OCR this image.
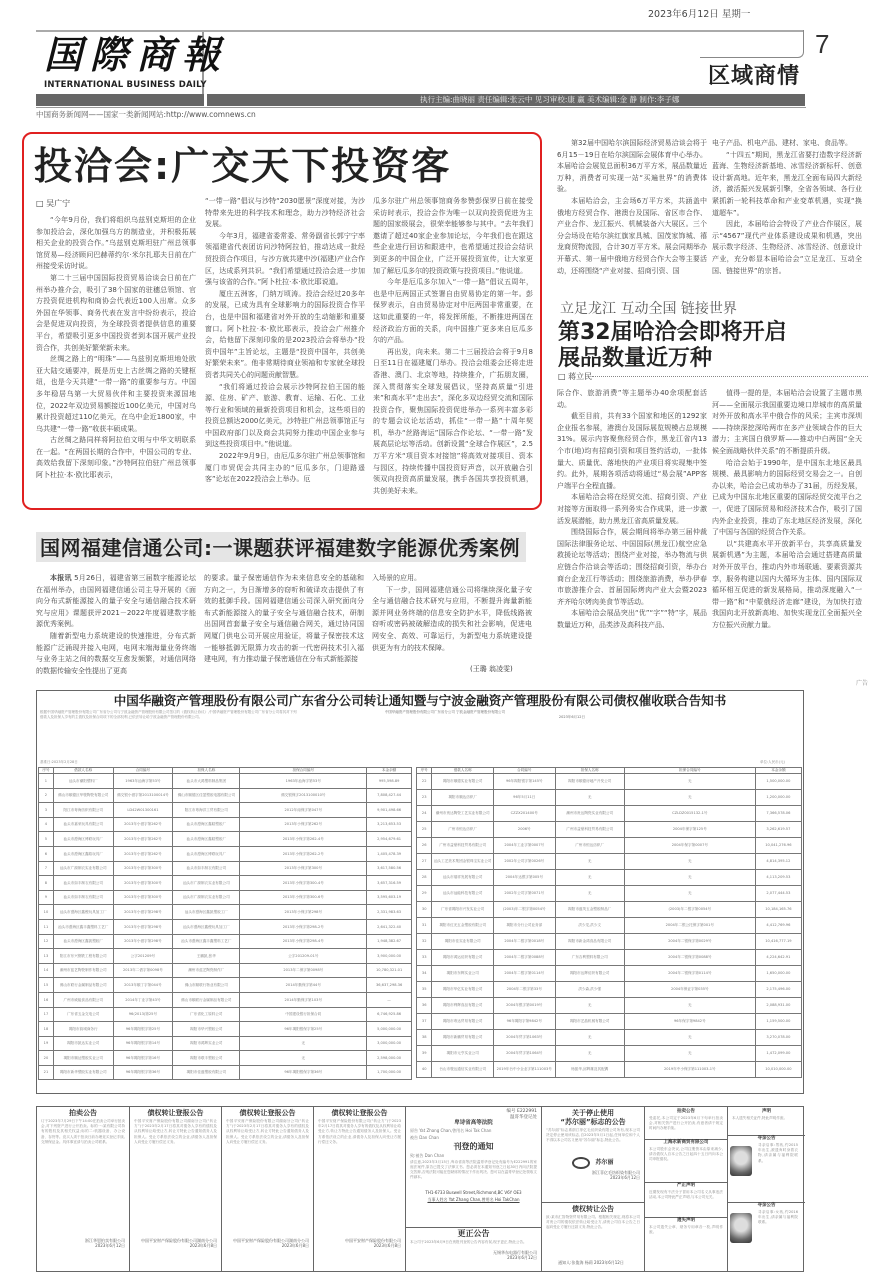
国際商報
INTERNATIONAL BUSINESS DAILY
2023年6月12日 星期一
7
区域商情
执行主编:曲晓丽 责任编辑:张云中 见习审校:康 赢 美术编辑:金 静 制作:李子娜
中国商务新闻网——国家一类新闻网站:http://www.comnews.cn
投洽会:广交天下投资客
□ 吴广宁

“今年9月份，我们将组织乌兹别克斯坦的企业参加投洽会，深化加强乌方的制造业，并积极拓展相关企业的投资合作。”乌兹别克斯坦驻广州总领事馆贸易—经济顾问巴赫蒂约尔·米尔扎耶夫日前在广州接受采访时说。

第二十三届中国国际投资贸易洽谈会日前在广州举办推介会，吸引了38个国家的驻穗总领馆、官方投资促进机构和商协会代表近100人出席。众多外国在华领事、商务代表在发言中纷纷表示，投洽会是促进双向投资，为全球投资者提供信息的重要平台，希望吸引更多中国投资者到本国开展产业投资合作，共创美好繁荣新未来。

丝绸之路上的“明珠”——乌兹别克斯坦地处欧亚大陆交通要冲，既是历史上古丝绸之路的关键枢纽，也是今天共建“一带一路”的重要参与方。中国多年稳居乌第一大贸易伙伴和主要投资来源国地位，2022年双边贸易额接近100亿美元，中国对乌累计投资超过110亿美元，在乌中企近1800家，中乌共建“一带一路”收获丰硕成果。

古丝绸之路同样将阿拉伯文明与中华文明联系在一起。“在两国长期的合作中，中国公司的专业、高效给我留下深刻印象。”沙特阿拉伯驻广州总领事阿卜杜拉·本·欧比耶表示，

“一带一路”倡议与沙特“2030愿景”深度对接，为沙特带来先进的科学技术和理念，助力沙特经济社会发展。

今年3月，福建省委常委、常务副省长郭宁宁率领福建省代表团访问沙特阿拉伯，推动达成一批经贸投资合作项目，与沙方就共建中沙(福建)产业合作区，达成系列共识。“我们希望通过投洽会进一步加强与该省的合作。”阿卜杜拉·本·欧比耶说道。

厦庄五洲客，门纳万顷涛。投洽会经过20多年的发展，已成为具有全球影响力的国际投资合作平台，也是中国和福建省对外开放的生动缩影和重要窗口。阿卜杜拉·本·欧比耶表示，投洽会广州推介会，给他留下深刻印象的是2023投洽会将举办“投资中国年”主旨论坛，主题是“投资中国年，共创美好繁荣未来”。他非常期待商业领袖和专家就全球投资者共同关心的问题贡献智慧。

“我们将通过投洽会展示沙特阿拉伯王国的能源、住房、矿产、旅游、教育、运输、石化、工业等行业和领域的最新投资项目和机会，这些项目的投资总额达2000亿美元，沙特驻广州总领事馆正与中国政府部门以及商会共同努力推动中国企业参与到这些投资项目中。”他说道。

2022年9月9日，由厄瓜多尔驻广州总领事馆和厦门市贸促会共同主办的“厄瓜多尔，门迎路遥客”论坛在2022投洽会上举办。厄

瓜多尔驻广州总领事馆商务参赞彭保罗日前在接受采访时表示，投洽会作为唯一以双向投资促进为主题的国家级展会，很荣幸能够参与其中。“去年我们邀请了超过40家企业参加论坛，今年我们也在跟这些企业进行回访和跟进中，也希望通过投洽会结识到更多的中国企业，广泛开展投资宣传，让大家更加了解厄瓜多尔的投资政策与投资项目。”他说道。

今年是厄瓜多尔加入“一带一路”倡议五周年，也是中厄两国正式签署自由贸易协定的第一年。彭保罗表示，自由贸易协定对中厄两国非常重要，在这如此重要的一年，将发挥所能，不断推进两国在经济政治方面的关系，向中国推广更多来自厄瓜多尔的产品。

再出发，向未来。第二十三届投洽会将于9月8日至11日在福建厦门举办。投洽会组委会还将走进香港、澳门、北京等地，持续推介，广拓朋友圈，深入贯彻落实全球发展倡议，坚持高质量“引进来”和高水平“走出去”，深化多双边经贸交流和国际投资合作，聚焦国际投资促进举办一系列丰富多彩的专题会议论坛活动，抓住“一带一路”十周年契机，举办“丝路海运”国际合作论坛、“一带一路”发展高层论坛等活动。创新设置“全球合作展区”，2.5万平方米“项目资本对接馆”将高效对接项目、资本与园区，持续传播中国投资好声音，以开放融合引领双向投资高质量发展，携手各国共享投资机遇，共创美好未来。

第32届中国哈尔滨国际经济贸易洽谈会将于6月15－19日在哈尔滨国际会展体育中心举办。本届哈洽会展览总面积36万平方米，展品数量近万种，消费者可实现一站“买遍世界”的消费体验。

本届哈洽会，主会场6万平方米，共涵盖中俄地方经贸合作、港澳台及国际、省区市合作、产业合作、龙江振兴、机械装备六大展区。三个分会场设在哈尔滨红旗家具城、国茂家饰城、禧龙商贸物流园，合计30万平方米。展会同期举办开幕式、第一届中俄地方经贸合作大会等主要活动，还将围绕“产业对接、招商引资、国

电子产品、机电产品、建材、家电、食品等。

“十四五”期间，黑龙江省要打造数字经济新蓝海、生物经济新基地、冰雪经济新标杆、创意设计新高地。近年来，黑龙江全面布局四大新经济，激活振兴发展新引擎，全省各领域、各行业紧抓新一轮科技革命和产业变革机遇，实现“换道超车”。

因此，本届哈洽会特设了产业合作展区，展示“4567”现代产业体系建设成果和机遇，突出展示数字经济、生物经济、冰雪经济、创意设计产业，充分彰显本届哈洽会“立足龙江、互动全国、链接世界”的宗旨。

立足龙江 互动全国 链接世界
第32届哈洽会即将开启
展品数量近万种
□ 蒋立民

际合作、旅游消费”等主题举办40余项配套活动。

截至目前，共有33个国家和地区的1292家企业报名参展，港澳台及国际展览规模占总规模31%。展示内容聚焦经贸合作，黑龙江省内13个市(地)均有招商引资和项目签约活动，一批体量大、质量优、落地快的产业项目将实现集中签约。此外，展期各项活动将通过“易会展”APP客户端平台全程直播。

本届哈洽会将在经贸交流、招商引资、产业对接等方面取得一系列务实合作成果，进一步激活发展潜能，助力黑龙江省高质量发展。

围绕国际合作，展会期间将举办第三届仲裁国际法律服务论坛、中国国际(黑龙江)航空应急救援论坛等活动；围绕产业对接，举办物流与供应链合作洽谈会等活动；围绕招商引资，举办台商台企龙江行等活动；围绕旅游消费，举办伊春市旅游推介会、首届国际烤肉产业大会暨2023齐齐哈尔烤肉美食节等活动。

本届哈洽会展品突出“优”“字”“特”字，展品数量近万种，品类涉及高科技产品、

值得一提的是，本届哈洽会设置了主题市黑河——全面展示我国重要边境口岸城市的高质量对外开放和高水平中俄合作的风采；主宾市深圳——持续深挖深哈两市在多产业领域合作的巨大潜力；主宾国白俄罗斯——推动中白两国“全天候全面战略伙伴关系”的不断提质升级。

哈洽会始于1990年，是中国东北地区最具规模、最具影响力的国际经贸交易会之一。自创办以来，哈洽会已成功举办了31届，历经发展，已成为中国东北地区重要的国际经贸交流平台之一，促进了国际贸易和经济技术合作，吸引了国内外企业投资，推动了东北地区经济发展，深化了中国与各国的经贸合作关系。

以“共建高水平开放新平台，共享高质量发展新机遇”为主题，本届哈洽会通过搭建高质量对外开放平台，推动内外市场联通、要素资源共享，服务构建以国内大循环为主体、国内国际双循环相互促进的新发展格局，推动深度融入“一带一路”和“中蒙俄经济走廊”建设，为加快打造我国向北开放新高地、加快实现龙江全面振兴全方位振兴贡献力量。

国网福建信通公司:一课题获评福建数字能源优秀案例

本报讯 5月26日，福建省第三届数字能源论坛在福州举办，由国网福建信通公司主导开展的《面向分布式新能源接入的量子安全与通信融合技术研究与应用》课题获评2021－2022年度福建数字能源优秀案例。

随着新型电力系统建设的快速推进，分布式新能源广泛涌现并接入电网，电网末端海量业务终端与业务主站之间的数据交互愈发频繁，对通信网络的数据传输安全性提出了更高

的要求。量子保密通信作为未来信息安全的基础和方向之一，为日渐增多的窃听和破译攻击提供了有效的抵御手段。国网福建信通公司深入研究面向分布式新能源接入的量子安全与通信融合技术，研制出国网首套量子安全与通信融合网关，通过协同国网厦门供电公司开展应用验证，将量子保密技术这一能够抵御无限算力攻击的新一代密码技术引入福建电网，有力推动量子保密通信在分布式新能源接

入场景的应用。

下一步，国网福建信通公司将继续深化量子安全与通信融合技术研究与应用，不断提升海量新能源并网业务终端的信息安全防护水平，降低线路被窃听或密码被破解造成的损失和社会影响，促进电网安全、高效、可靠运行，为新型电力系统建设提供更为有力的技术保障。

(王璐 翁凌雯)
广告
中国华融资产管理股份有限公司广东省分公司转让通知暨与宁波金融资产管理股份有限公司债权催收联合告知书
根据中国华融资产管理股份有限公司广东省分公司与宁波金融资产管理股份有限公司签订的《债权转让协议》,中国华融资产管理股份有限公司广东省分公司将其对下列借款人及担保人享有的主债权及担保合同项下的全部权利,已依法转让给宁波金融资产管理股份有限公司。
中国华融资产管理股份有限公司广东省分公司 宁波金融资产管理股份有限公司
2023年6月12日
基准日:2023年2月28日	单位:人民币(元)
序号	借款人名称	合同编号	担保人名称	担保合同编号	本金余额
1	汕头市潮阳塑料厂	1963年汕海字第53号	汕头市大鸿塑料制品集团	1963年汕海字第53号	995,598.89
2	佛山市顺德区华骏陶瓷有限公司	佛交银小借字第2013100014号	佛山市顺德区佳盈塑胶电器有限公司	佛交银保字2013100010号	7,808,427.44
3	阳江市粤海纺织有限公司	LD42W01300161	阳江市粤海洋工贸有限公司	2012年南保字第047号	9,901,498.66
4	汕头市嘉荣玩具有限公司	2013年小借字第262号	汕头市澄海区鑫皓塑胶厂	2013年小保字第262号	3,213,653.53
5	汕头市澄海区博联玩具厂	2013年小借字第262号	汕头市澄海区鑫皓塑胶厂	2013年小保字第262-4号	2,954,679.61
6	汕头市澄海区鑫皓玩具厂	2013年小借字第262号	汕头市澄海区博联玩具厂	2013年小保字第262-2号	1,405,478.39
7	汕头市广源制衣实业有限公司	2013年小借字第300号	汕头市如丰制衣有限公司	2013年小保字第300号	3,617,580.56
8	汕头市如丰制衣有限公司	2013年小借字第300号	汕头市广源制衣实业有限公司	2013年小保字第300-4号	3,657,316.59
9	汕头市如丰制衣有限公司	2013年小借字第300号	汕头市广源制衣实业有限公司	2013年小保字第300-6号	3,595,603.19
10	汕头市澄海区鑫俊玩具加工厂	2013年小借字第298号	汕头市澄海区鑫凯塑胶工厂	2013年小保字第298号	2,331,983.63
11	汕头市澄海区鑫丰鑫塑料工艺厂	2013年小借字第298号	汕头市澄海区鑫俊玩具加工厂	2013年小保字第298-2号	2,641,322.40
12	汕头市澄海区鑫凯塑胶厂	2013年小借字第298号	汕头市澄海区鑫丰鑫塑料工艺厂	2013年小保字第298-4号	1,948,382.67
13	阳江市东兴钢铁工程有限公司	公字201209号	王鹏凯,张华	公字201209-01号	3,900,000.00
14	潮州市蓝艺陶瓷制作有限公司	2013年二借字第0098号	潮州市蓝艺陶瓷制作厂	2013年二保字第0098号	10,780,321.01
15	佛山市联行金属制品有限公司	2013年顺丁字第044号	佛山市顺联行物业有限公司	2014年勤保字第44号	36,637,298.36
16	广州市威能食品有限公司	2014年丁业字第43号	佛山市顺联行金属制品有限公司	2014年勤保字第103号	—
17	广东省五金交电公司	96(2013)第25号	广东省化工原料公司	中国建设银行担保合同	6,746,925.86
18	揭阳市韵城商务行	96年揭阳银字第25号	揭阳市华兴塑胶公司	96年揭阳银保字第25号	5,000,000.00
19	揭阳市凯达实业公司	96年揭阳银字第14号	揭阳市鸿辉实业公司	无	3,000,000.00
20	揭阳市顺达塑胶实业公司	96年揭阳银字第16号	揭阳市联丰塑胶公司	无	2,598,000.00
21	揭阳市新华塑胶实业有限公司	96年揭阳银字第36号	揭阳市佳盛塑胶有限公司	96年揭阳银保字第36号	1,700,000.00
序号	借款人名称	合同编号	担保人名称	担保合同编号	本金余额
22	揭阳市顺德实业有限公司	96年揭阳银字第145号	揭阳市顺德房地产开发公司	无	1,500,000.00
23	揭阳市顺达纺织厂	96年5月11日	无	无	1,200,000.00
24	潮州市贵达陶瓷工艺实业有限公司	CZZX201400号	潮州市贵达陶瓷实业有限公司	CZLDZ0015132-1号	7,366,578.06
25	广州市恒达纺织厂	2006号	广州市益豪科技贸易有限公司	2004年保字第125号	3,262,619.57
26	广州市益豪科技贸易有限公司	2004年工业字第0007号	广州市恒达纺织厂	2004年保字第0007号	10,041,276.96
27	汕头工艺美术集团金银珠宝实业公司	2002年公司字第0026号	无	无	4,814,395.12
28	汕头市瑞祥发展有限公司	2004年达银字第005号	无	无	4,113,209.53
29	汕头市汕能科技有限公司	2002年公司字第0071号	无	无	2,077,444.53
30	广东省揭阳市兴发实业公司	(2003)年二银字第0054号	揭阳市盛茂五金塑胶制品厂	(2003)年二银字第0054号	10,184,165.76
31	揭阳市红光五金塑胶有限公司	揭阳市分行公司业务部	洪少龙,洪少文	2004年二银公托保字第001号	4,412,769.96
32	揭阳市佳实业有限公司	2004年二银字第0018号	揭阳市新金鸿食品有限公司	2004年二银保字第0029号	10,416,777.19
33	揭阳市鸿运纺织有限公司	2004年二银字第0088号	广东吉利塑料有限公司	2004年二银保字第0088号	4,224,642.91
34	揭阳市东辉实业公司	2004年二银字第0114号	揭阳市达辉纺织有限公司	2004年二银保字第0114号	1,650,000.00
35	揭阳市华亿实业有限公司	2004年二银字第33号	洪少森,洪少强	2004年保证字第035号	2,175,496.00
36	揭阳市利辉食品有限公司	2004年银字第0019号	无	无	2,088,931.00
37	揭阳市粤达贸易有限公司	96年揭阳字第9842号	揭阳市艺晶机械有限公司	96年保字第9842号	1,159,500.00
38	揭阳市新鹏贸易有限公司	2004年贸字第1063号	无	无	3,270,078.00
39	揭阳市元亨实业公司	2004年贸字第1064号	无	无	1,472,099.00
40	台山市骏达通信实业有限公司	2019年台中小企业字第111003号	杨振华,邱辉雄及其配偶	2019年中小保字第111003-1号	10,010,000.00
拍卖公告
订于2023年7月29日下午14:00在拍卖公司举行拍卖会,对下列资产进行公开拍卖。标的一:某有限公司持有的股权及其相关权益;标的二:机器设备、办公设备、存货等。竞买人须于拍卖日前办理竞买登记手续,交纳保证金。具体事宜请与拍卖公司联系。
浙江华恩拍卖有限公司
2023年6月12日
债权转让登报公告
中国平安财产保险股份有限公司湖南分公司(“转让方”)于2023年2月17日将其对债务人享有的债权及从权利转让给受让方,转让方特此公告通知债务人及担保人。受让方系依法设立的企业,请债务人及担保人向受让方履行偿还义务。
中国平安财产保险股份有限公司湖南分公司
2023年6月8日
债权转让登报公告
中国平安财产保险股份有限公司湖南分公司(“转让方”)于2023年2月17日将其对债务人享有的债权及从权利转让给受让方,转让方特此公告通知债务人及担保人。受让方系依法设立的企业,请债务人及担保人向受让方履行偿还义务。
中国平安财产保险股份有限公司湖南分公司
2023年6月8日
债权转让登报公告
中国平安财产保险股份有限公司(“转让方”)于2023年2月17日将其对债务人享有的债权及从权利转让给受让方,转让方特此公告通知债务人及担保人。受让方系依法设立的企业,请债务人及担保人向受让方履行偿还义务。
中国平安财产保险股份有限公司
2023年6月8日
编号 E222991
温哥华登记处
卑诗省高等法院
原告 Yat Zhang Chan,曾用名 Hoi Tak Chan
被告 Dan Chan
刊登的通知
致:被告 Dan Chan
请注意,2023年3月15日,卑诗省高等法院温哥华登记处有编号为E222991的家庭法案件,原告已提交了法律文书。您必须在本通知刊登之日起30日内向法院提交答辩,否则法院可能在您缺席的情况下作出判决。您可以在温哥华登记处领取文件副本。
TH1-6733 Buswell Street,Richmond,BC V6Y OE3
当事人姓名 Yat Zhang Chan,曾用名 Hoi TakChan
更正公告
本公司于2023年6月9日在贵报刊登的公告内容有误,现予更正,特此公告。
无锡华东电器行有限公司
2023年6月12日
关于停止使用
“苏尔丽”标志的公告
“苏尔丽”标志系浙江菲亿毛纺织染有限公司所有,现本公司决定停止使用该标志,自2023年5月1日起,任何单位和个人不得以本公司名义使用“苏尔丽”标志,特此公告。
苏尔丽
浙江菲亿毛纺织染有限公司
2023年6月12日
债权转让公告
致:某市汇智物资贸易有限公司。根据相关规定,现将本公司对贵公司的债权依法转让给受让方,请贵公司自本公告之日起向受让方履行还款义务,特此公告。
通知人:张俊海 杨莉 2023年6月12日
拍卖公告
受委托,本公司定于2023年6月下旬举行拍卖会,对相关资产进行公开拍卖,有意者请于规定时间内办理手续。
上海永新商贸有限公司
本公司股东会决议,公司注册资本由原来减少,请各债权人自本公告之日起四十五日内向本公司申报债权。
严正声明
近期发现有不法分子冒用本公司名义从事违法活动,本公司特此严正声明,与本公司无关。
遗失声明
本公司遗失公章、财务专用章各一枚,声明作废。
声明
本人遗失相关证件,特此声明作废。
寻亲公告
寻亲启事:男孩,约2015年出生,被遗弃时身着衣物,请亲属与福利院联系。
寻亲公告
寻亲启事:女孩,约2016年出生,请亲属与福利院联系。
